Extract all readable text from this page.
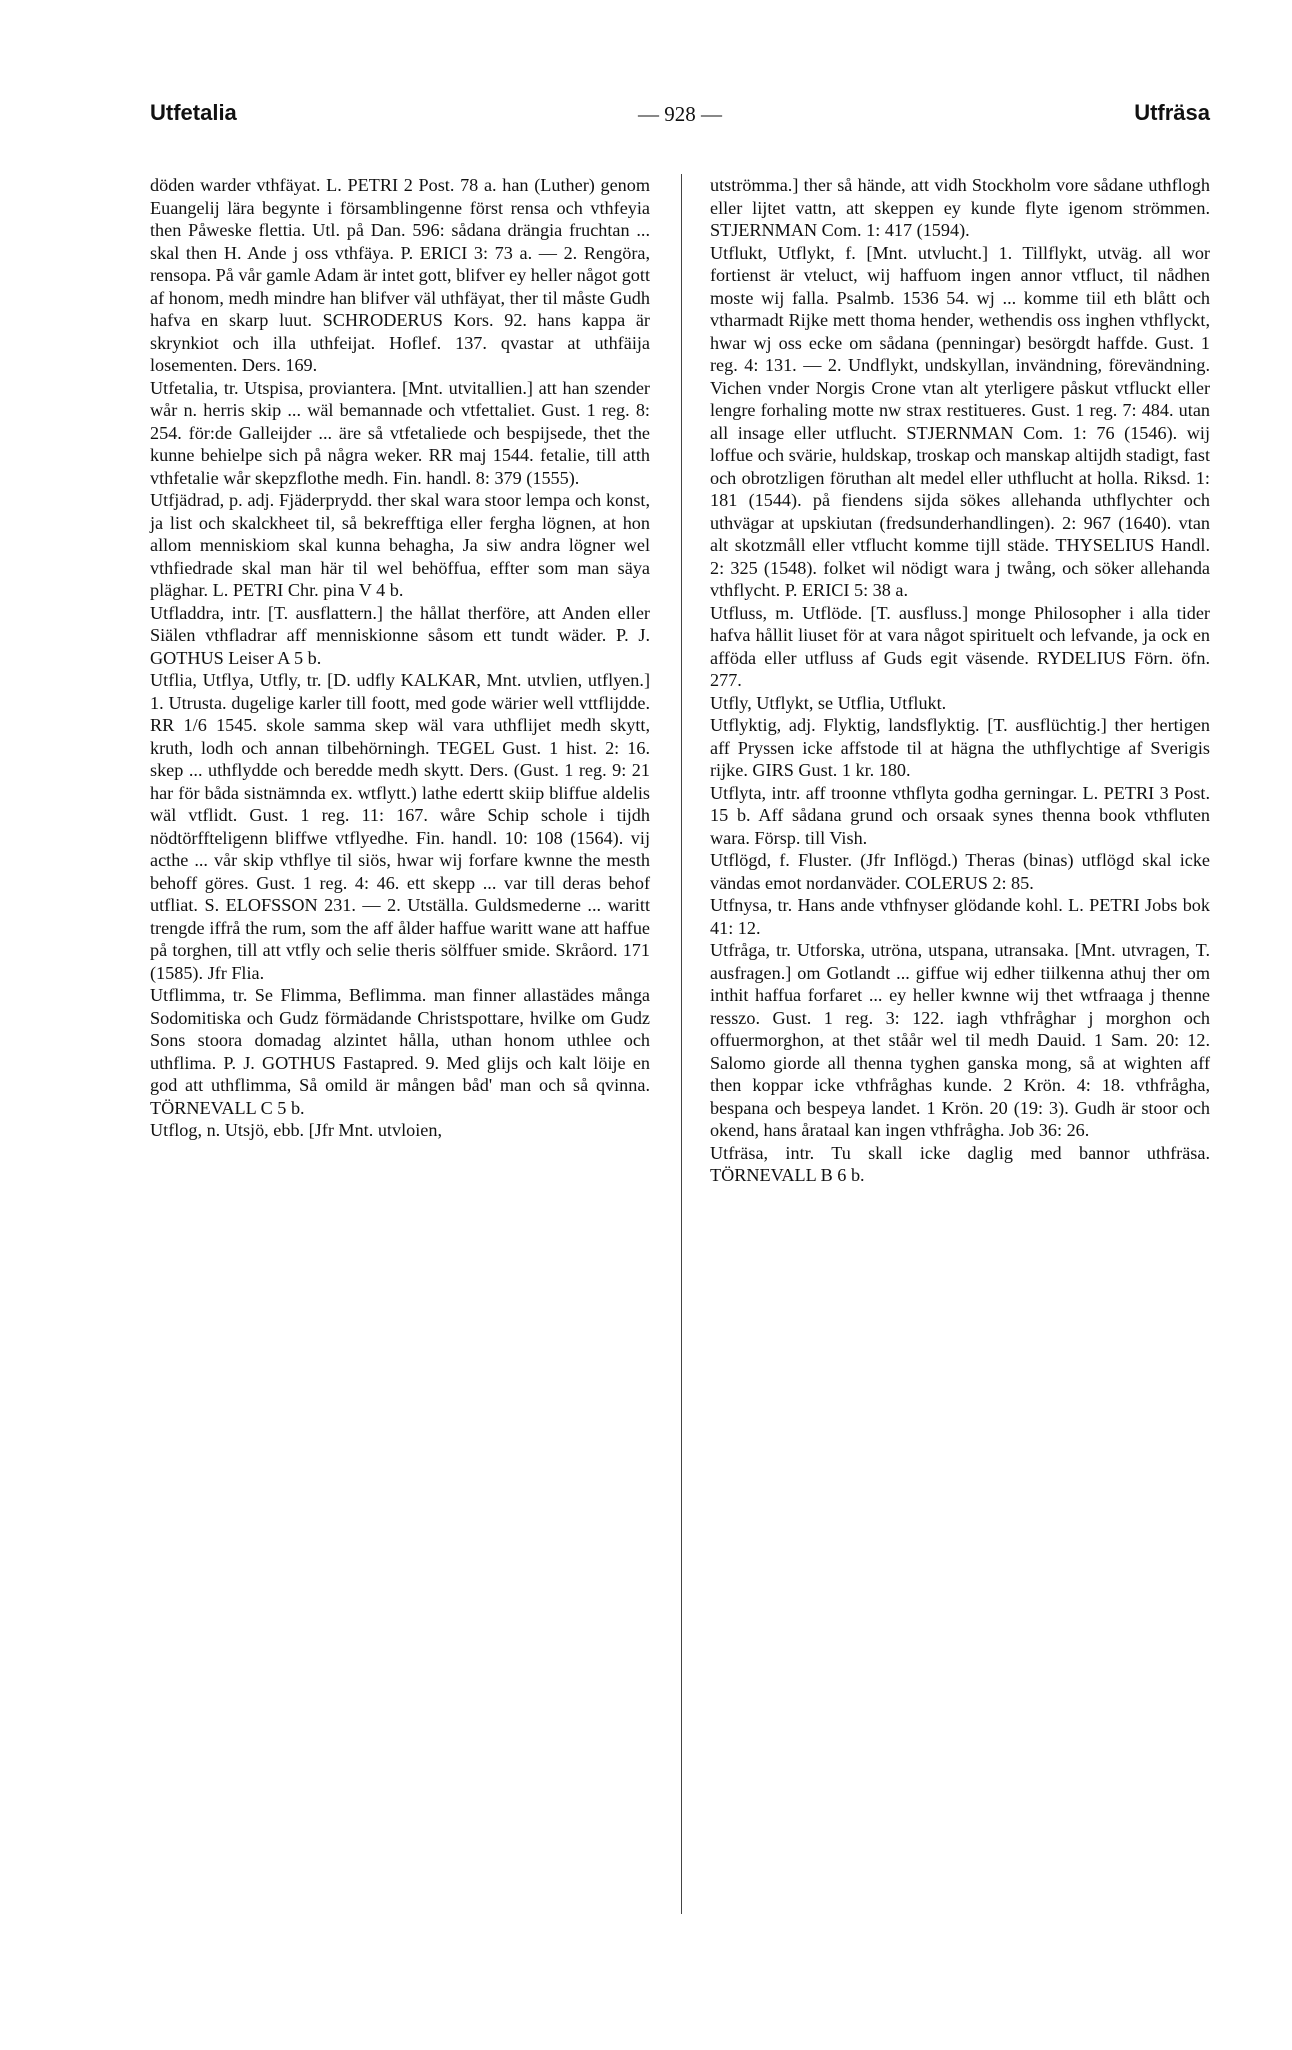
Utfetalia	— 928 —	Utfräsa

döden warder vthfäyat. L. PETRI 2 Post. 78 a. han (Luther) genom Euangelij lära begynte i församblingenne först rensa och vthfeyia then Påweske flettia. Utl. på Dan. 596: sådana drängia fruchtan ... skal then H. Ande j oss vthfäya. P. ERICI 3: 73 a. — 2. Rengöra, rensopa. På vår gamle Adam är intet gott, blifver ey heller något gott af honom, medh mindre han blifver väl uthfäyat, ther til måste Gudh hafva en skarp luut. SCHRODERUS Kors. 92. hans kappa är skrynkiot och illa uthfeijat. Hoflef. 137. qvastar at uthfäija losementen. Ders. 169.

Utfetalia, tr. Utspisa, proviantera. [Mnt. utvitallien.] att han szender wår n. herris skip ... wäl bemannade och vtfettaliet. Gust. 1 reg. 8: 254. för:de Galleijder ... äre så vtfetaliede och bespijsede, thet the kunne behielpe sich på några weker. RR maj 1544. fetalie, till atth vthfetalie wår skepzflothe medh. Fin. handl. 8: 379 (1555).

Utfjädrad, p. adj. Fjäderprydd. ther skal wara stoor lempa och konst, ja list och skalckheet til, så bekrefftiga eller fergha lögnen, at hon allom menniskiom skal kunna behagha, Ja siw andra lögner wel vthfiedrade skal man här til wel behöffua, effter som man säya pläghar. L. PETRI Chr. pina V 4 b.

Utfladdra, intr. [T. ausflattern.] the hållat therföre, att Anden eller Siälen vthfladrar aff menniskionne såsom ett tundt wäder. P. J. GOTHUS Leiser A 5 b.

Utflia, Utflya, Utfly, tr. [D. udfly KALKAR, Mnt. utvlien, utflyen.] 1. Utrusta. dugelige karler till foott, med gode wärier well vttflijdde. RR 1/6 1545. skole samma skep wäl vara uthflijet medh skytt, kruth, lodh och annan tilbehörningh. TEGEL Gust. 1 hist. 2: 16. skep ... uthflydde och beredde medh skytt. Ders. (Gust. 1 reg. 9: 21 har för båda sistnämnda ex. wtflytt.) lathe edertt skiip bliffue aldelis wäl vtflidt. Gust. 1 reg. 11: 167. wåre Schip schole i tijdh nödtörffteligenn bliffwe vtflyedhe. Fin. handl. 10: 108 (1564). vij acthe ... vår skip vthflye til siös, hwar wij forfare kwnne the mesth behoff göres. Gust. 1 reg. 4: 46. ett skepp ... var till deras behof utfliat. S. ELOFSSON 231. — 2. Utställa. Guldsmederne ... waritt trengde iffrå the rum, som the aff ålder haffue waritt wane att haffue på torghen, till att vtfly och selie theris sölffuer smide. Skråord. 171 (1585). Jfr Flia.

Utflimma, tr. Se Flimma, Beflimma. man finner allastädes många Sodomitiska och Gudz förmädande Christspottare, hvilke om Gudz Sons stoora domadag alzintet hålla, uthan honom uthlee och uthflima. P. J. GOTHUS Fastapred. 9. Med glijs och kalt löije en god att uthflimma, Så omild är mången båd' man och så qvinna. TÖRNEVALL C 5 b.

Utflog, n. Utsjö, ebb. [Jfr Mnt. utvloien,

utströmma.] ther så hände, att vidh Stockholm vore sådane uthflogh eller lijtet vattn, att skeppen ey kunde flyte igenom strömmen. STJERNMAN Com. 1: 417 (1594).

Utflukt, Utflykt, f. [Mnt. utvlucht.] 1. Tillflykt, utväg. all wor fortienst är vteluct, wij haffuom ingen annor vtfluct, til nådhen moste wij falla. Psalmb. 1536 54. wj ... komme tiil eth blått och vtharmadt Rijke mett thoma hender, wethendis oss inghen vthflyckt, hwar wj oss ecke om sådana (penningar) besörgdt haffde. Gust. 1 reg. 4: 131. — 2. Undflykt, undskyllan, invändning, förevändning. Vichen vnder Norgis Crone vtan alt yterligere påskut vtfluckt eller lengre forhaling motte nw strax restitueres. Gust. 1 reg. 7: 484. utan all insage eller utflucht. STJERNMAN Com. 1: 76 (1546). wij loffue och svärie, huldskap, troskap och manskap altijdh stadigt, fast och obrotzligen föruthan alt medel eller uthflucht at holla. Riksd. 1: 181 (1544). på fiendens sijda sökes allehanda uthflychter och uthvägar at upskiutan (fredsunderhandlingen). 2: 967 (1640). vtan alt skotzmåll eller vtflucht komme tijll städe. THYSELIUS Handl. 2: 325 (1548). folket wil nödigt wara j twång, och söker allehanda vthflycht. P. ERICI 5: 38 a.

Utfluss, m. Utflöde. [T. ausfluss.] monge Philosopher i alla tider hafva hållit liuset för at vara något spirituelt och lefvande, ja ock en afföda eller utfluss af Guds egit väsende. RYDELIUS Förn. öfn. 277.

Utfly, Utflykt, se Utflia, Utflukt.

Utflyktig, adj. Flyktig, landsflyktig. [T. ausflüchtig.] ther hertigen aff Pryssen icke affstode til at hägna the uthflychtige af Sverigis rijke. GIRS Gust. 1 kr. 180.

Utflyta, intr. aff troonne vthflyta godha gerningar. L. PETRI 3 Post. 15 b. Aff sådana grund och orsaak synes thenna book vthfluten wara. Försp. till Vish.

Utflögd, f. Fluster. (Jfr Inflögd.) Theras (binas) utflögd skal icke vändas emot nordanväder. COLERUS 2: 85.

Utfnysa, tr. Hans ande vthfnyser glödande kohl. L. PETRI Jobs bok 41: 12.

Utfråga, tr. Utforska, utröna, utspana, utransaka. [Mnt. utvragen, T. ausfragen.] om Gotlandt ... giffue wij edher tiilkenna athuj ther om inthit haffua forfaret ... ey heller kwnne wij thet wtfraaga j thenne resszo. Gust. 1 reg. 3: 122. iagh vthfråghar j morghon och offuermorghon, at thet ståår wel til medh Dauid. 1 Sam. 20: 12. Salomo giorde all thenna tyghen ganska mong, så at wighten aff then koppar icke vthfråghas kunde. 2 Krön. 4: 18. vthfrågha, bespana och bespeya landet. 1 Krön. 20 (19: 3). Gudh är stoor och okend, hans årataal kan ingen vthfrågha. Job 36: 26.

Utfräsa, intr. Tu skall icke daglig med bannor uthfräsa. TÖRNEVALL B 6 b.
